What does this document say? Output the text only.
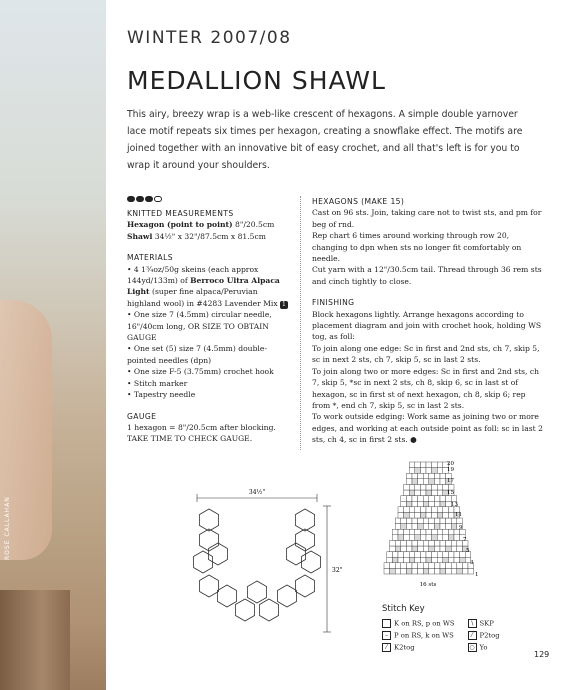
ROSE CALLAHAN
WINTER 2007/08
MEDALLION SHAWL
This airy, breezy wrap is a web-like crescent of hexagons. A simple double yarnover lace motif repeats six times per hexagon, creating a snowflake effect. The motifs are joined together with an innovative bit of easy crochet, and all that's left is for you to wrap it around your shoulders.

KNITTED MEASUREMENTS

Hexagon (point to point) 8"/20.5cm

Shawl 34½" x 32"/87.5cm x 81.5cm

MATERIALS

• 4 1¾oz/50g skeins (each approx 144yd/133m) of Berroco Ultra Alpaca Light (super fine alpaca/Peruvian highland wool) in #4283 Lavender Mix 1

• One size 7 (4.5mm) circular needle, 16"/40cm long, OR SIZE TO OBTAIN GAUGE

• One set (5) size 7 (4.5mm) double-pointed needles (dpn)

• One size F-5 (3.75mm) crochet hook

• Stitch marker

• Tapestry needle

GAUGE

1 hexagon = 8"/20.5cm after blocking.

TAKE TIME TO CHECK GAUGE.

HEXAGONS (MAKE 15)

Cast on 96 sts. Join, taking care not to twist sts, and pm for beg of rnd.

Rep chart 6 times around working through row 20, changing to dpn when sts no longer fit comfortably on needle.

Cut yarn with a 12"/30.5cm tail. Thread through 36 rem sts and cinch tightly to close.

FINISHING

Block hexagons lightly. Arrange hexagons according to placement diagram and join with crochet hook, holding WS tog, as foll:

To join along one edge: Sc in first and 2nd sts, ch 7, skip 5, sc in next 2 sts, ch 7, skip 5, sc in last 2 sts.

To join along two or more edges: Sc in first and 2nd sts, ch 7, skip 5, *sc in next 2 sts, ch 8, skip 6, sc in last st of hexagon, sc in first st of next hexagon, ch 8, skip 6; rep from *, end ch 7, skip 5, sc in last 2 sts.

To work outside edging: Work same as joining two or more edges, and working at each outside point as foll: sc in last 2 sts, ch 4, sc in first 2 sts. ●

34½"
32"
20
19
17
15
13
11
9
7
5
3
1
16 sts
Stitch Key
K on RS, p on WS	∖ SKP
– P on RS, k on WS	⁄ P2tog
⁄ K2tog	○ Yo
129
